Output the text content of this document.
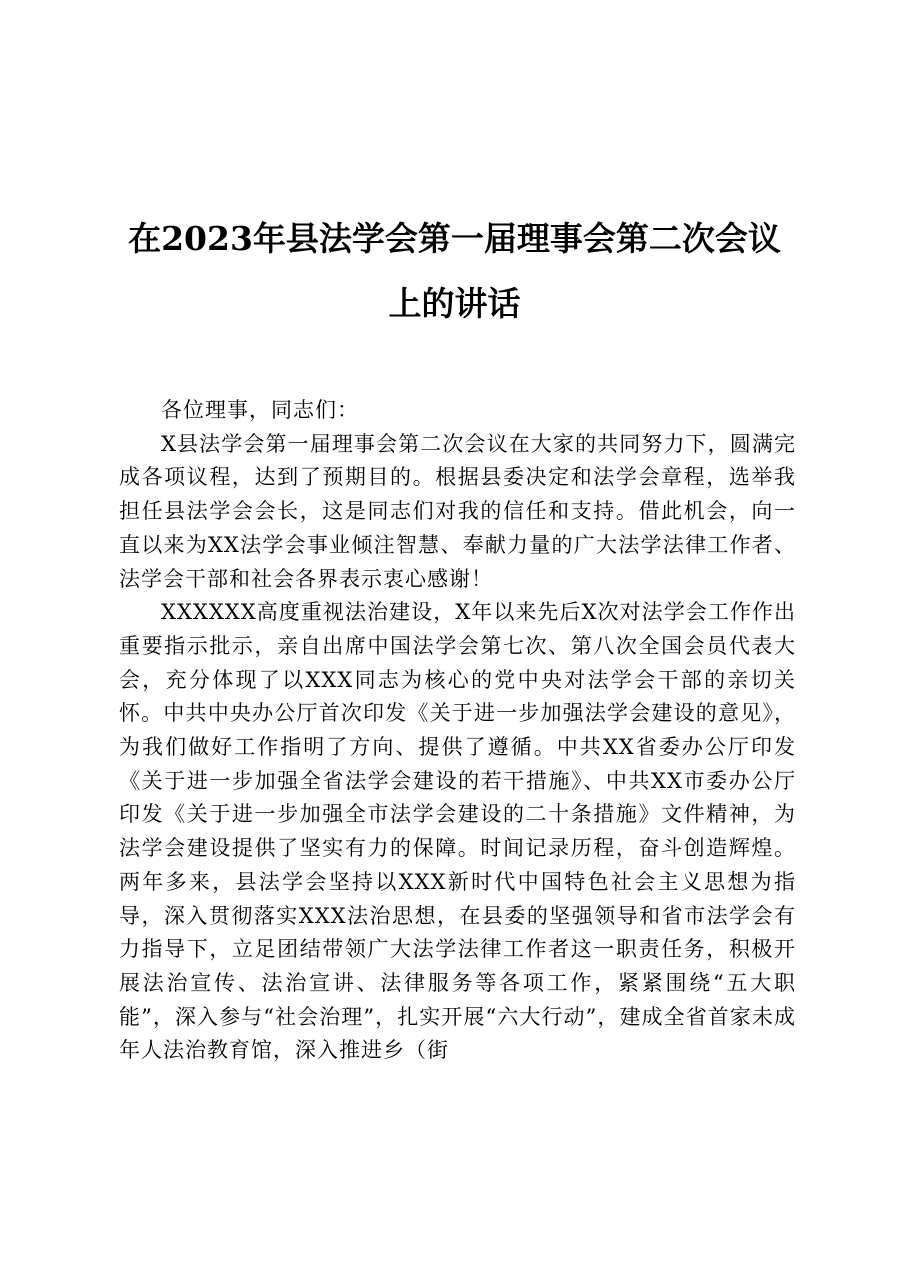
在2023年县法学会第一届理事会第二次会议
上的讲话

各位理事，同志们：

X县法学会第一届理事会第二次会议在大家的共同努力下，圆满完成各项议程，达到了预期目的。根据县委决定和法学会章程，选举我担任县法学会会长，这是同志们对我的信任和支持。借此机会，向一直以来为XX法学会事业倾注智慧、奉献力量的广大法学法律工作者、法学会干部和社会各界表示衷心感谢！

XXXXXX高度重视法治建设，X年以来先后X次对法学会工作作出重要指示批示，亲自出席中国法学会第七次、第八次全国会员代表大会，充分体现了以XXX同志为核心的党中央对法学会干部的亲切关怀。中共中央办公厅首次印发《关于进一步加强法学会建设的意见》，为我们做好工作指明了方向、提供了遵循。中共XX省委办公厅印发《关于进一步加强全省法学会建设的若干措施》、中共XX市委办公厅印发《关于进一步加强全市法学会建设的二十条措施》文件精神，为法学会建设提供了坚实有力的保障。时间记录历程，奋斗创造辉煌。两年多来，县法学会坚持以XXX新时代中国特色社会主义思想为指导，深入贯彻落实XXX法治思想，在县委的坚强领导和省市法学会有力指导下，立足团结带领广大法学法律工作者这一职责任务，积极开展法治宣传、法治宣讲、法律服务等各项工作，紧紧围绕“五大职能”，深入参与“社会治理”，扎实开展“六大行动”，建成全省首家未成年人法治教育馆，深入推进乡（街
